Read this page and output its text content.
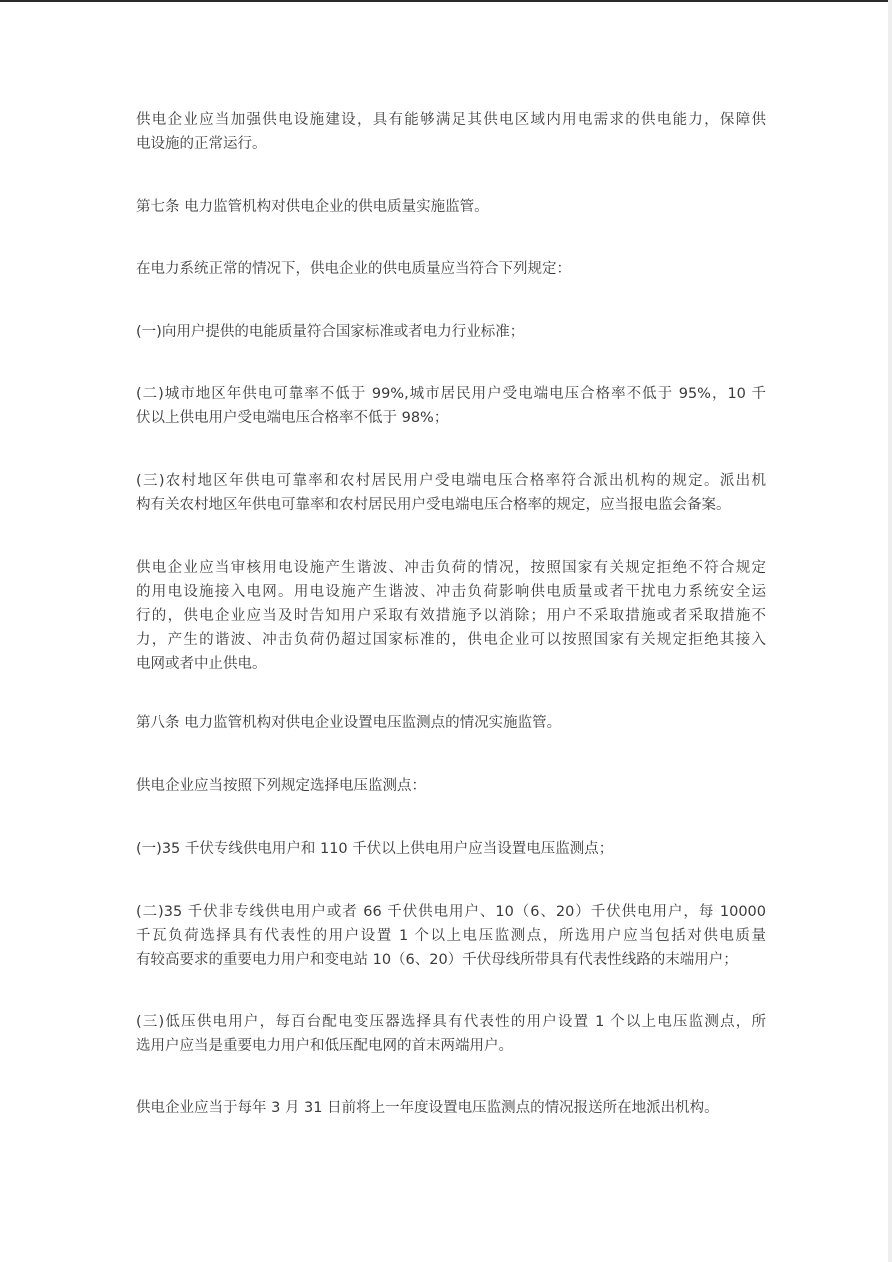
供电企业应当加强供电设施建设，具有能够满足其供电区域内用电需求的供电能力，保障供
电设施的正常运行。
第七条 电力监管机构对供电企业的供电质量实施监管。
在电力系统正常的情况下，供电企业的供电质量应当符合下列规定：
(一)向用户提供的电能质量符合国家标准或者电力行业标准；
(二)城市地区年供电可靠率不低于 99%,城市居民用户受电端电压合格率不低于 95%，10 千
伏以上供电用户受电端电压合格率不低于 98%；
(三)农村地区年供电可靠率和农村居民用户受电端电压合格率符合派出机构的规定。派出机
构有关农村地区年供电可靠率和农村居民用户受电端电压合格率的规定，应当报电监会备案。
供电企业应当审核用电设施产生谐波、冲击负荷的情况，按照国家有关规定拒绝不符合规定
的用电设施接入电网。用电设施产生谐波、冲击负荷影响供电质量或者干扰电力系统安全运
行的，供电企业应当及时告知用户采取有效措施予以消除；用户不采取措施或者采取措施不
力，产生的谐波、冲击负荷仍超过国家标准的，供电企业可以按照国家有关规定拒绝其接入
电网或者中止供电。
第八条 电力监管机构对供电企业设置电压监测点的情况实施监管。
供电企业应当按照下列规定选择电压监测点：
(一)35 千伏专线供电用户和 110 千伏以上供电用户应当设置电压监测点；
(二)35 千伏非专线供电用户或者 66 千伏供电用户、10（6、20）千伏供电用户，每 10000
千瓦负荷选择具有代表性的用户设置 1 个以上电压监测点，所选用户应当包括对供电质量
有较高要求的重要电力用户和变电站 10（6、20）千伏母线所带具有代表性线路的末端用户；
(三)低压供电用户，每百台配电变压器选择具有代表性的用户设置 1 个以上电压监测点，所
选用户应当是重要电力用户和低压配电网的首末两端用户。
供电企业应当于每年 3 月 31 日前将上一年度设置电压监测点的情况报送所在地派出机构。
